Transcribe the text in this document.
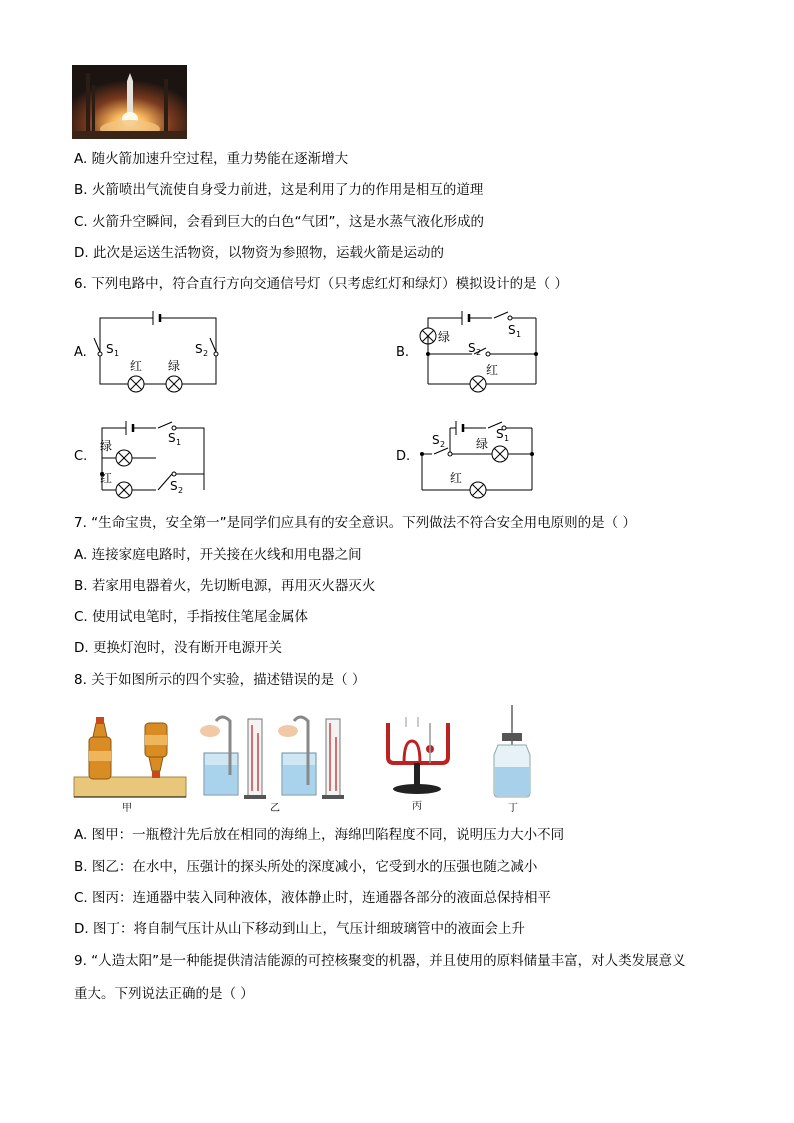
A. 随火箭加速升空过程，重力势能在逐渐增大
B. 火箭喷出气流使自身受力前进，这是利用了力的作用是相互的道理
C. 火箭升空瞬间，会看到巨大的白色“气团”，这是水蒸气液化形成的
D. 此次是运送生活物资，以物资为参照物，运载火箭是运动的
6. 下列电路中，符合直行方向交通信号灯（只考虑红灯和绿灯）模拟设计的是（ ）
A.	B.
C.	D.
S 1	S 2
红 绿
绿	S 1
S 2
红
绿
红
S 1
S 2
S 2
S 1
绿
红
7. “生命宝贵，安全第一”是同学们应具有的安全意识。下列做法不符合安全用电原则的是（ ）
A. 连接家庭电路时，开关接在火线和用电器之间
B. 若家用电器着火，先切断电源，再用灭火器灭火
C. 使用试电笔时，手指按住笔尾金属体
D. 更换灯泡时，没有断开电源开关
8. 关于如图所示的四个实验，描述错误的是（ ）
甲	乙	丙	丁
A. 图甲：一瓶橙汁先后放在相同的海绵上，海绵凹陷程度不同，说明压力大小不同
B. 图乙：在水中，压强计的探头所处的深度减小，它受到水的压强也随之减小
C. 图丙：连通器中装入同种液体，液体静止时，连通器各部分的液面总保持相平
D. 图丁：将自制气压计从山下移动到山上，气压计细玻璃管中的液面会上升
9. “人造太阳”是一种能提供清洁能源的可控核聚变的机器，并且使用的原料储量丰富，对人类发展意义
重大。下列说法正确的是（ ）
